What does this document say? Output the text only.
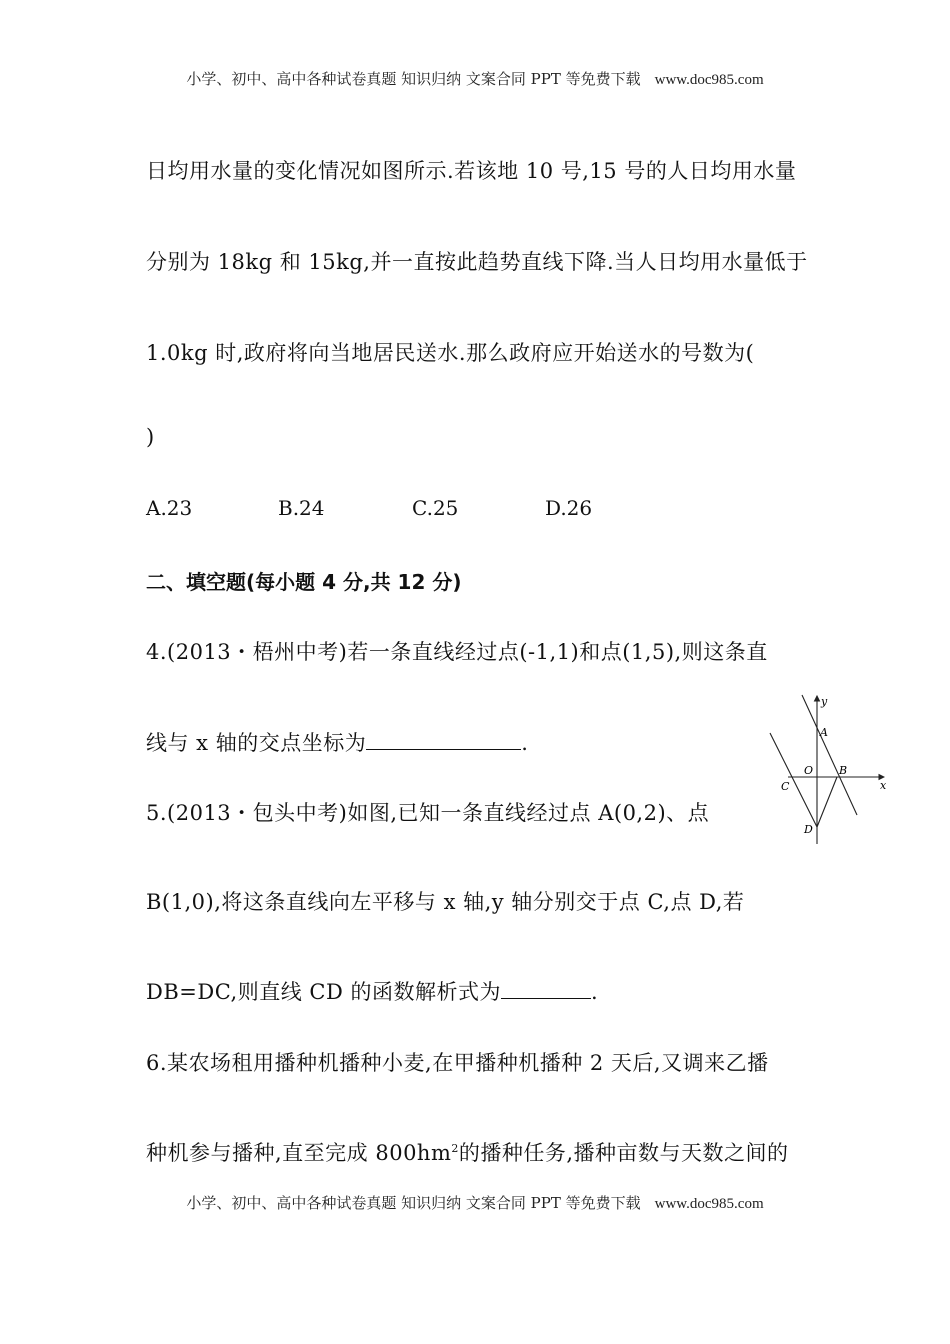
小学、初中、高中各种试卷真题 知识归纳 文案合同 PPT 等免费下载 www.doc985.com
日均用水量的变化情况如图所示.若该地 10 号,15 号的人日均用水量
分别为 18kg 和 15kg,并一直按此趋势直线下降.当人日均用水量低于
1.0kg 时,政府将向当地居民送水.那么政府应开始送水的号数为(
)
A.23	B.24	C.25	D.26
二、填空题(每小题 4 分,共 12 分)
4.(2013・梧州中考)若一条直线经过点(-1,1)和点(1,5),则这条直
线与 x 轴的交点坐标为	.
5.(2013・包头中考)如图,已知一条直线经过点 A(0,2)、点
B(1,0),将这条直线向左平移与 x 轴,y 轴分别交于点 C,点 D,若
DB=DC,则直线 CD 的函数解析式为	.
6.某农场租用播种机播种小麦,在甲播种机播种 2 天后,又调来乙播
种机参与播种,直至完成 $800hm^2$的播种任务,播种亩数与天数之间的
小学、初中、高中各种试卷真题 知识归纳 文案合同 PPT 等免费下载 www.doc985.com
y
x
A
O B
C
D
